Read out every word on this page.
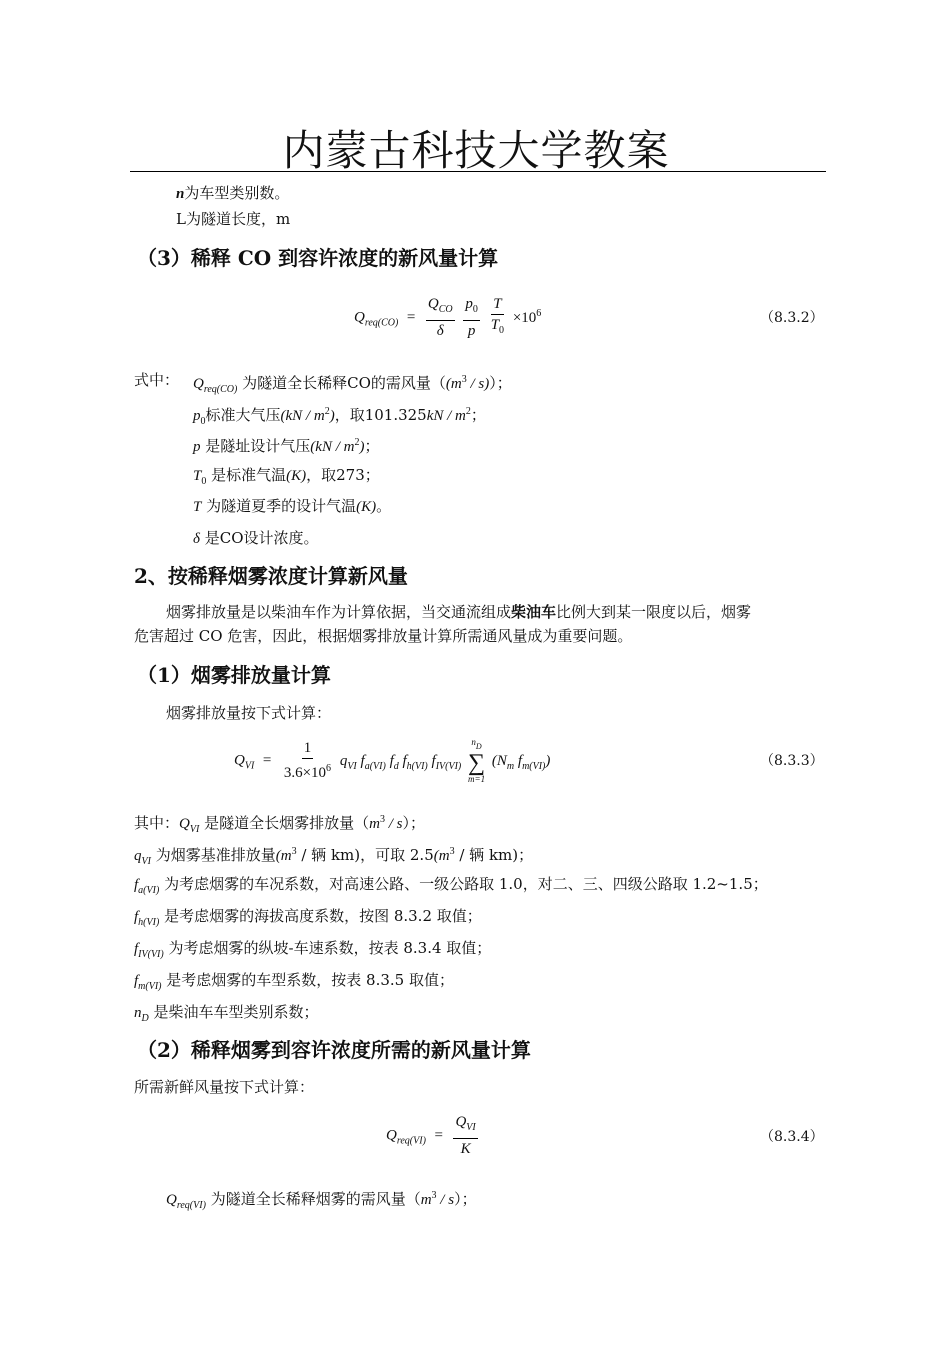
内蒙古科技大学教案
n为车型类别数。
L为隧道长度，m
（3）稀释 CO 到容许浓度的新风量计算
$Q_{req(CO)} = \frac{Q_{CO}}{\delta}$
$\frac{p_0}{p}$
$\frac{T}{T_0} \times 10^6$	（8.3.2）
式中： $Q_{req(CO)}$ 为隧道全长稀释CO的需风量$((m^3 / s))$；
$p_0$标准大气压$(kN / m^2)$，取$101.325kN / m^2$；
p 是隧址设计气压$(kN / m^2)$；
$T_0$ 是标准气温(K)，取273；
T 为隧道夏季的设计气温(K)。
δ 是CO设计浓度。
2、按稀释烟雾浓度计算新风量
烟雾排放量是以柴油车作为计算依据，当交通流组成柴油车比例大到某一限度以后，烟雾
危害超过 CO 危害，因此，根据烟雾排放量计算所需通风量成为重要问题。
（1）烟雾排放量计算
烟雾排放量按下式计算：
$Q_{VI} = \frac{1}{3.6\times 10^6} q_{VI}$ $f_{a(VI)}$ $f_d$ $f_{h(VI)}$ $f_{IV(VI)}$
$n_D$
∑
m=1
($N_m$ $f_{m(VI)}$)	（8.3.3）
其中：$Q_{VI}$ 是隧道全长烟雾排放量$(m^3 / s)$；
$q_{VI}$ 为烟雾基准排放量($m^3$ / 辆 km)，可取 $2.5(m^3$ / 辆 km)；
$f_{a(VI)}$ 为考虑烟雾的车况系数，对高速公路、一级公路取 1.0，对二、三、四级公路取 1.2~1.5；
$f_{h(VI)}$ 是考虑烟雾的海拔高度系数，按图 8.3.2 取值；
$f_{IV(VI)}$ 为考虑烟雾的纵坡-车速系数，按表 8.3.4 取值；
$f_{m(VI)}$ 是考虑烟雾的车型系数，按表 8.3.5 取值；
$n_D$ 是柴油车车型类别系数；
（2）稀释烟雾到容许浓度所需的新风量计算
所需新鲜风量按下式计算：
$Q_{req(VI)} = \frac{Q_{VI}}{K}$	（8.3.4）
$Q_{req(VI)}$ 为隧道全长稀释烟雾的需风量$(m^3 / s)$；
